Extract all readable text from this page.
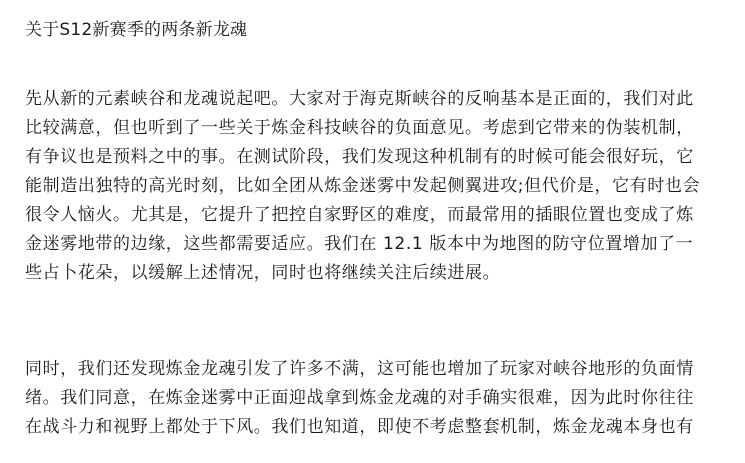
关于S12新赛季的两条新龙魂

先从新的元素峡谷和龙魂说起吧。大家对于海克斯峡谷的反响基本是正面的，我们对此
比较满意，但也听到了一些关于炼金科技峡谷的负面意见。考虑到它带来的伪装机制，
有争议也是预料之中的事。在测试阶段，我们发现这种机制有的时候可能会很好玩，它
能制造出独特的高光时刻，比如全团从炼金迷雾中发起侧翼进攻;但代价是，它有时也会
很令人恼火。尤其是，它提升了把控自家野区的难度，而最常用的插眼位置也变成了炼
金迷雾地带的边缘，这些都需要适应。我们在 12.1 版本中为地图的防守位置增加了一
些占卜花朵，以缓解上述情况，同时也将继续关注后续进展。

同时，我们还发现炼金龙魂引发了许多不满，这可能也增加了玩家对峡谷地形的负面情
绪。我们同意，在炼金迷雾中正面迎战拿到炼金龙魂的对手确实很难，因为此时你往往
在战斗力和视野上都处于下风。我们也知道，即使不考虑整套机制，炼金龙魂本身也有
